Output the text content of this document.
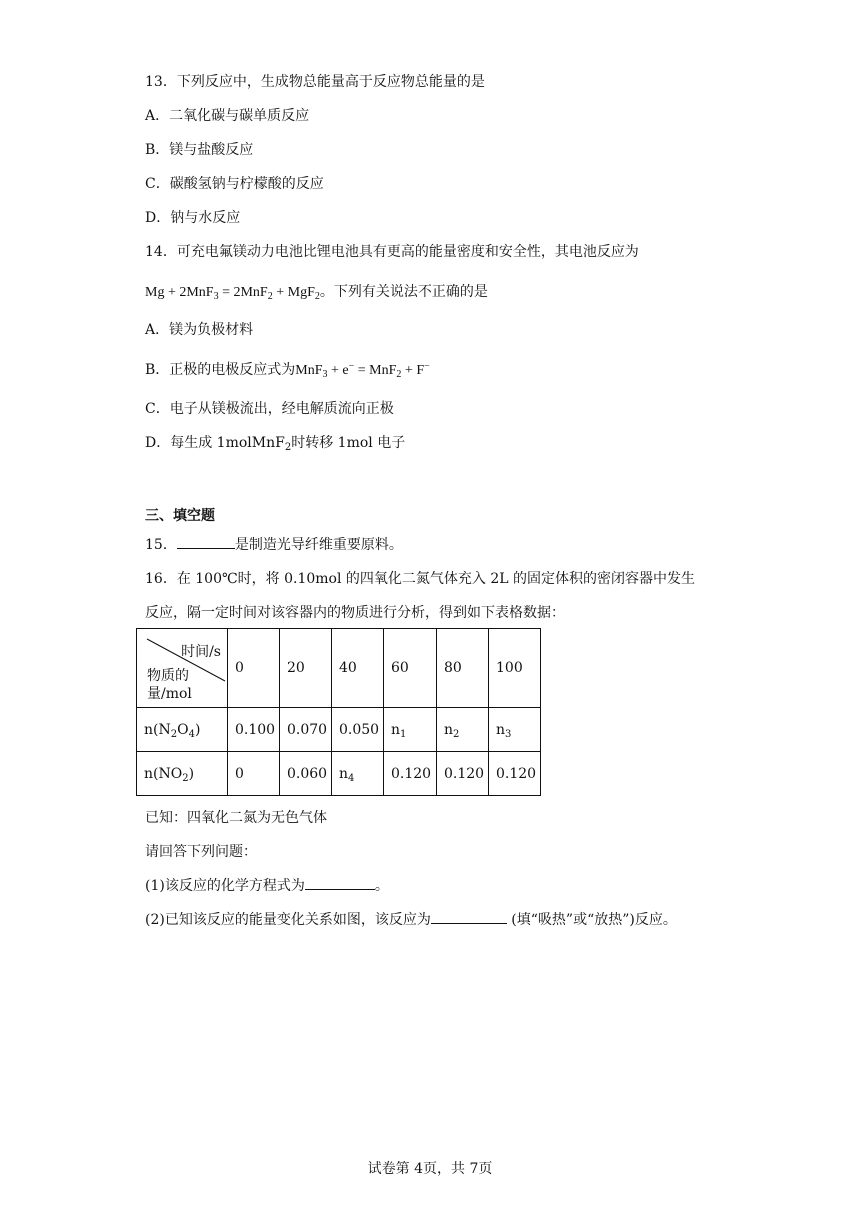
13．下列反应中，生成物总能量高于反应物总能量的是
A．二氧化碳与碳单质反应
B．镁与盐酸反应
C．碳酸氢钠与柠檬酸的反应
D．钠与水反应
14．可充电氟镁动力电池比锂电池具有更高的能量密度和安全性，其电池反应为
Mg + 2MnF$_3$ = 2MnF$_2$ + MgF$_2$。下列有关说法不正确的是
A．镁为负极材料
B．正极的电极反应式为MnF$_3$ + e− = MnF$_2$ + F−
C．电子从镁极流出，经电解质流向正极
D．每生成 1molMnF$_2$时转移 1mol 电子
三、填空题
15．	是制造光导纤维重要原料。
16．在 100℃时，将 0.10mol 的四氧化二氮气体充入 2L 的固定体积的密闭容器中发生
反应，隔一定时间对该容器内的物质进行分析，得到如下表格数据：
时间/s
物质的
量/mol	0	20	40	60	80	100
$n(N_2O_4)$	0.100	0.070	0.050	$n_1$	$n_2$	$n_3$
$n(NO_2)$	0	0.060	$n_4$	0.120	0.120	0.120
已知：四氧化二氮为无色气体
请回答下列问题：
(1)该反应的化学方程式为	。
(2)已知该反应的能量变化关系如图，该反应为	(填“吸热”或“放热”)反应。
试卷第 4页，共 7页
